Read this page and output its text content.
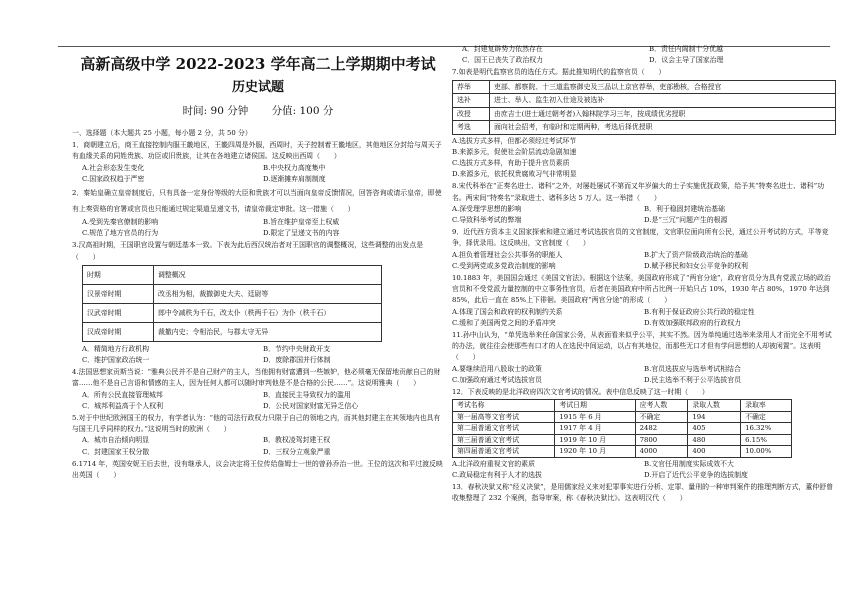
高新高级中学 2022-2023 学年高二上学期期中考试
历史试题
时间: 90 分钟 分值: 100 分

一、选择题（本大题共 25 小题，每小题 2 分，共 50 分）

1．商朝建立后，商王直接控制内服王畿地区，王畿四周是外服，西周时，天子控制着王畿地区，其他地区分封给与周天子有血缘关系的同姓贵族、功臣或旧贵族，让其在各地建立诸侯国。这反映出西周（　　）

A.社会形态发生变化	B.中央权力高度集中
C.国家政权趋于严密	D.逐渐摊弃肩制制度

2．秦始皇确立皇帝制度后，只有具备一定身份等级的大臣和贵族才可以当面向皇帝反馈情况，回答咨询或请示皇帝，即使有上奏资格的官署或官员也只能通过规定渠道呈递文书，请皇帝裁定审批。这一措施（　　）

A.受到先秦官僚制的影响	B.旨在维护皇帝至上权威
C.规范了地方官员的行为	D.限定了呈递文书的内容

3.汉高祖时期，王国职官设置与朝廷基本一致。下表为此后西汉统治者对王国职官的调整概况，这些调整的出发点是（　　）

时期	调整概况
汉景帝时期	改丞相为相，裁撤御史大夫、廷尉等
汉武帝时期	郎中令减秩为千石，改太仆（秩两千石）为仆（秩千石）
汉成帝时期	裁撤内史；令相治民，与郡太守无异
A．精简地方行政机构	B．节约中央财政开支
C．维护国家政治统一	D．废除郡国并行体制

4.法国思想家贡斯当说：“雅典公民并不是自己财产的主人，当他拥有财富遭到一些嫉妒，他必须毫无保留地贡献自己的财富……他不是自己言语和情感的主人，因为任何人都可以随时审判他是不是合格的公民……”。这说明雅典（　　）

A．所有公民直接管理城邦	B．直接民主导致权力的滥用
C．城邦利益高于个人权利	D．公民对国家财富无异乏信心

5.对于中世纪欧洲国王的权力，有学者认为：“他的司法行政权力只限于自己的领地之内，而其他封建主在其领地内也具有与国王几乎同样的权力。”这说明当时的欧洲（　　）

A．城市自治倾向明显	B．教权凌驾封建王权
C．封建国家王权分散	D．三权分立观象严重

6.1714 年，英国安妮王后去世，没有继承人，议会决定将王位传给詹姆士一世的曾孙乔治一世。王位的这次和平过渡反映出英国（　　）

A．封建复辟势力依然存在	B．责任内阁制十分优越
C．国王已丧失了政治权力	D．议会主导了国家治理

7.如表是明代监察官员的选任方式。据此推知明代的监察官员（　　）

荐举	吏部、都察院、十三道监察御史及三品以上京官荐举，吏部勘核，合格授官
选补	进士、举人、监生初入仕途及被选补
改授	由庶吉士(进士通过朝考者)入翰林院学习三年，按成绩优劣授职
考选	面向社会招考，有临时和定期两种，考选后择优授职
A.选拔方式多样，但都必须经过考试环节
B.来源多元，促使社会阶层流动急剧加速
C.选拔方式多样，有助于提升官员素质
D.来源多元，依托权贵腐败习气非常明显

8.宋代科举在“正奏名进士、诸科”之外，对屡赴屡试不第而又年岁偏大的士子实施优抚政策，给予其“特奏名进士、诸科”功名。两宋间“特奏名”录取进士、诸科多达 5 万人。这一举措（　　）

A.深受理学思想的影响	B．利于稳固封建统治基础
C.导致科举考试的弊端	D.是“三冗”问题产生的根源

9．近代西方资本主义国家探索和建立通过考试选拔官员的文官制度，文官职位面向所有公民，通过公开考试的方式，平等竞争，择优录用。这反映出，文官制度（　　）

A.担负着管理社会公共事务的职能人	B.扩大了资产阶级政治统治的基础
C.受到两党或多党政治制度的影响	D.赋予移民和妇女公平竞争的权利

10.1883 年，美国国会通过《美国文官法》。根据这个法案，美国政府形成了“两官分途”，政府官员分为具有党派立场的政治官员和不受党派力量控制的中立事务性官员，后者在美国政府中所占比例一开始只占 10%，1930 年占 80%，1970 年达到 85%，此后一直在 85%上下徘徊。美国政府“两官分途”的形成（　　）

A.体现了国会和政府的权利制约关系	B.有利于保证政府公共行政的稳定性
C.缓和了美国两党之间的矛盾冲突	D.有效加强联邦政府的行政权力

11.孙中山认为，“单凭选举来任命国家公务，从表面看来似乎公平，其实不然。因为单纯通过选举来录用人才而完全不用考试的办法，就往往会使那些有口才的人在选民中间运动，以占有其地位，而那些无口才但有学问思想的人却被闲置”。这表明（　　）

A.要继续沿用八股取士的政策	B.官员选拔应与选举考试相结合
C.加强政府通过考试选拔官员	D.民主选举不利于公平选拔官员

12．下表反映的是北洋政府四次文官考试的情况。表中信息反映了这一时期（　　）

考试名称	考试日期	应考人数	录取人数	录取率
第一届高等文官考试	1915 年 6 月	不确定	194	不确定
第二届普通文官考试	1917 年 4 月	2482	405	16.32%
第三届普通文官考试	1919 年 10 月	7800	480	6.15%
第四届普通文官考试	1920 年 10 月	4000	400	10.00%
A.北洋政府重视文官的素质	B.文官任用制度实际成效不大
C.政局稳定有利于人才的选拔	D.开启了近代公平竞争的选拔制度

13．春秋决狱又称“经义决狱”，是用儒家经义来对犯罪事实进行分析、定罪、量刑的一种审判案件的推理判断方式，董仲舒曾收集整理了 232 个案例，指导审案，称《春秋决狱比》。这表明汉代（　　）
